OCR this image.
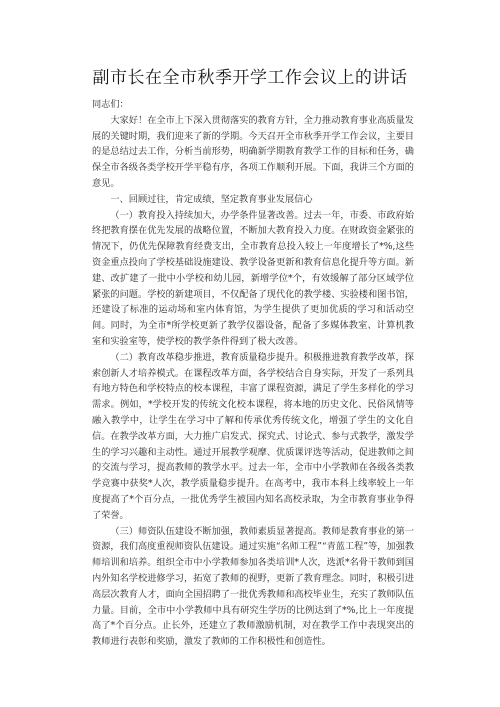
副市长在全市秋季开学工作会议上的讲话

同志们：

大家好！在全市上下深入贯彻落实的教育方针，全力推动教育事业高质量发展的关键时期，我们迎来了新的学期。今天召开全市秋季开学工作会议，主要目的是总结过去工作，分析当前形势，明确新学期教育教学工作的目标和任务，确保全市各级各类学校开学平稳有序，各项工作顺利开展。下面，我讲三个方面的意见。

一、回顾过往，肯定成绩，坚定教育事业发展信心

（一）教育投入持续加大，办学条件显著改善。过去一年，市委、市政府始终把教育摆在优先发展的战略位置，不断加大教育投入力度。在财政资金紧张的情况下，仍优先保障教育经费支出，全市教育总投入较上一年度增长了*%,这些资金重点投向了学校基础设施建设、教学设备更新和教育信息化提升等方面。新建、改扩建了一批中小学校和幼儿园，新增学位*个，有效缓解了部分区域学位紧张的问题。学校的新建项目，不仅配备了现代化的教学楼、实验楼和图书馆，还建设了标准的运动场和室内体育馆，为学生提供了更加优质的学习和活动空间。同时，为全市*所学校更新了教学仪器设备，配备了多媒体教室、计算机教室和实验室等，使学校的教学条件得到了极大改善。

（二）教育改革稳步推进，教育质量稳步提升。积极推进教育教学改革，探索创新人才培养模式。在课程改革方面，各学校结合自身实际，开发了一系列具有地方特色和学校特点的校本课程，丰富了课程资源，满足了学生多样化的学习需求。例如，*学校开发的传统文化校本课程，将本地的历史文化、民俗风情等融入教学中，让学生在学习中了解和传承优秀传统文化，增强了学生的文化自信。在教学改革方面，大力推广启发式、探究式、讨论式、参与式教学，激发学生的学习兴趣和主动性。通过开展教学观摩、优质课评选等活动，促进教师之间的交流与学习，提高教师的教学水平。过去一年，全市中小学教师在各级各类教学竞赛中获奖*人次，教学质量稳步提升。在高考中，我市本科上线率较上一年度提高了*个百分点，一批优秀学生被国内知名高校录取，为全市教育事业争得了荣誉。

（三）师资队伍建设不断加强，教师素质显著提高。教师是教育事业的第一资源，我们高度重视师资队伍建设。通过实施“名师工程”“青蓝工程”等，加强教师培训和培养。组织全市中小学教师参加各类培训*人次，选派*名骨干教师到国内外知名学校进修学习，拓宽了教师的视野，更新了教育理念。同时，积极引进高层次教育人才，面向全国招聘了一批优秀教师和高校毕业生，充实了教师队伍力量。目前，全市中小学教师中具有研究生学历的比例达到了*%,比上一年度提高了*个百分点。止长外，还建立了教师激励机制，对在教学工作中表现突出的教师进行表彰和奖励，激发了教师的工作积极性和创造性。
